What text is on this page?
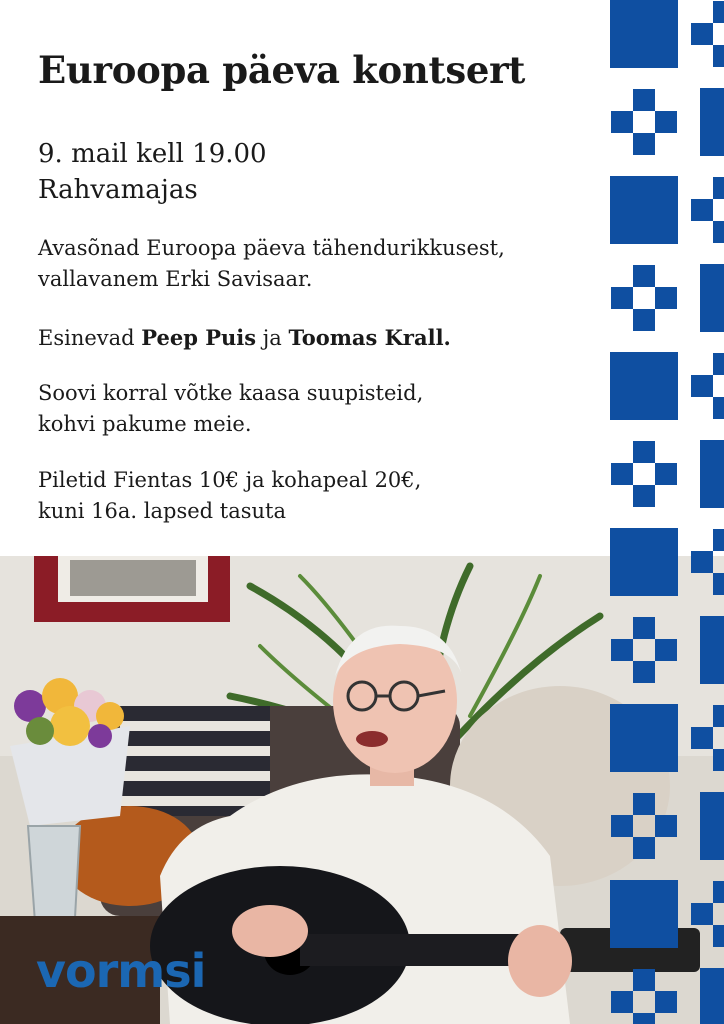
Euroopa päeva kontsert
9. mail kell 19.00
Rahvamajas
Avasõnad Euroopa päeva tähendurikkusest,
vallavanem Erki Savisaar.
Esinevad Peep Puis ja Toomas Krall.
Soovi korral võtke kaasa suupisteid,
kohvi pakume meie.
Piletid Fientas 10€ ja kohapeal 20€,
kuni 16a. lapsed tasuta
vormsi
